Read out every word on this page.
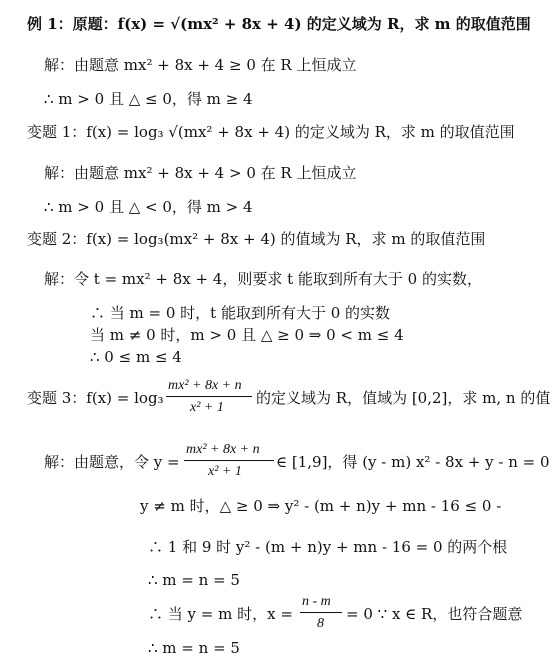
例 1：原题：f(x) = √(mx² + 8x + 4) 的定义域为 R，求 m 的取值范围
解：由题意 mx² + 8x + 4 ≥ 0 在 R 上恒成立
∴ m > 0 且 △ ≤ 0，得 m ≥ 4
变题 1：f(x) = log₃ √(mx² + 8x + 4) 的定义域为 R，求 m 的取值范围
解：由题意 mx² + 8x + 4 > 0 在 R 上恒成立
∴ m > 0 且 △ < 0，得 m > 4
变题 2：f(x) = log₃(mx² + 8x + 4) 的值域为 R，求 m 的取值范围
解：令 t = mx² + 8x + 4，则要求 t 能取到所有大于 0 的实数，
∴ 当 m = 0 时，t 能取到所有大于 0 的实数
当 m ≠ 0 时，m > 0 且 △ ≥ 0 ⇒ 0 < m ≤ 4
∴ 0 ≤ m ≤ 4
变题 3：f(x) = log₃
mx² + 8x + n
x² + 1
的定义域为 R，值域为 [0,2]，求 m, n 的值
解：由题意，令 y =
mx² + 8x + n
x² + 1
∈ [1,9]，得 (y - m) x² - 8x + y - n = 0
y ≠ m 时，△ ≥ 0 ⇒ y² - (m + n)y + mn - 16 ≤ 0 -
∴ 1 和 9 时 y² - (m + n)y + mn - 16 = 0 的两个根
∴ m = n = 5
∴ 当 y = m 时，x =
n - m
8
= 0 ∵ x ∈ R，也符合题意
∴ m = n = 5
